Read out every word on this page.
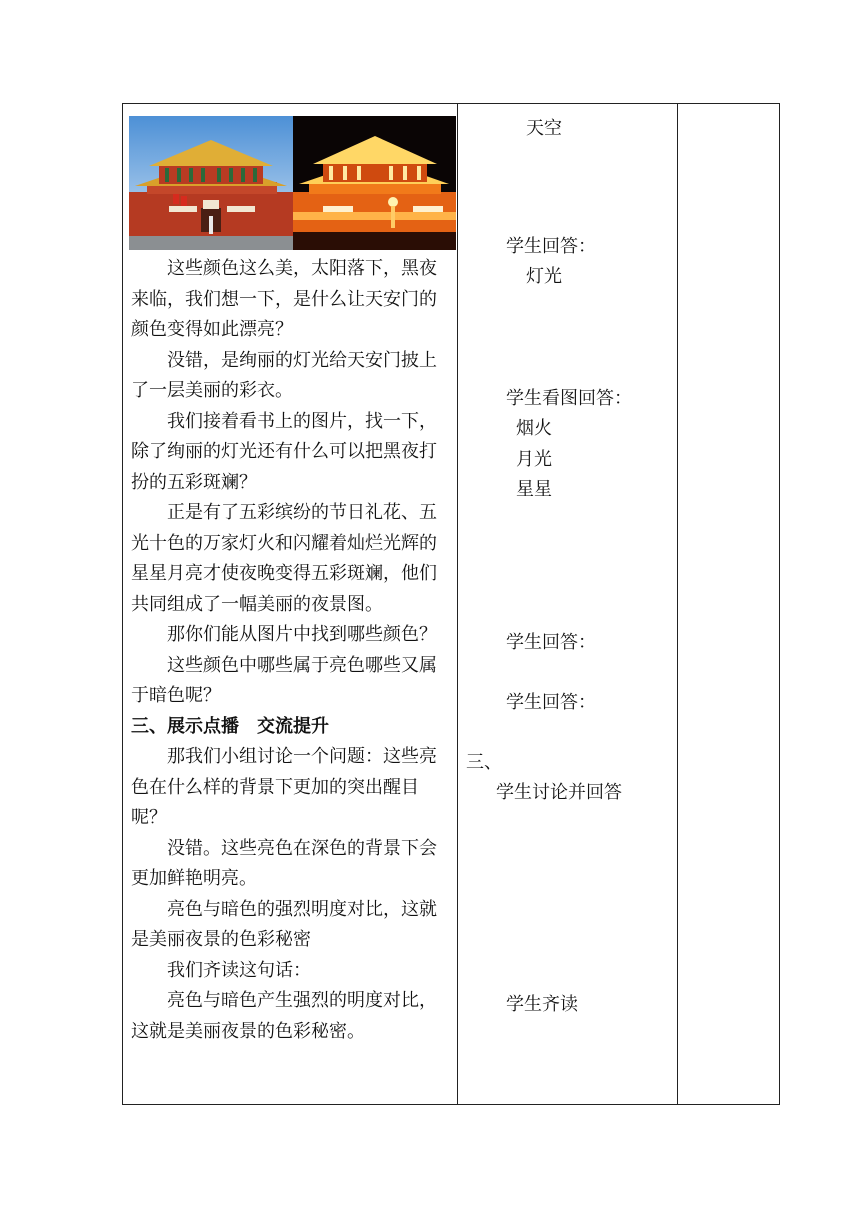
这些颜色这么美，太阳落下，黑夜来临，我们想一下，是什么让天安门的颜色变得如此漂亮？

没错，是绚丽的灯光给天安门披上了一层美丽的彩衣。

我们接着看书上的图片，找一下，除了绚丽的灯光还有什么可以把黑夜打扮的五彩斑斓？

正是有了五彩缤纷的节日礼花、五光十色的万家灯火和闪耀着灿烂光辉的星星月亮才使夜晚变得五彩斑斓，他们共同组成了一幅美丽的夜景图。

那你们能从图片中找到哪些颜色？

这些颜色中哪些属于亮色哪些又属于暗色呢？

三、展示点播　交流提升

那我们小组讨论一个问题：这些亮色在什么样的背景下更加的突出醒目呢？

没错。这些亮色在深色的背景下会更加鲜艳明亮。

亮色与暗色的强烈明度对比，这就是美丽夜景的色彩秘密

我们齐读这句话：

亮色与暗色产生强烈的明度对比，这就是美丽夜景的色彩秘密。

天空
学生回答：
灯光
学生看图回答：
烟火
月光
星星
学生回答：
学生回答：
三、
学生讨论并回答
学生齐读
